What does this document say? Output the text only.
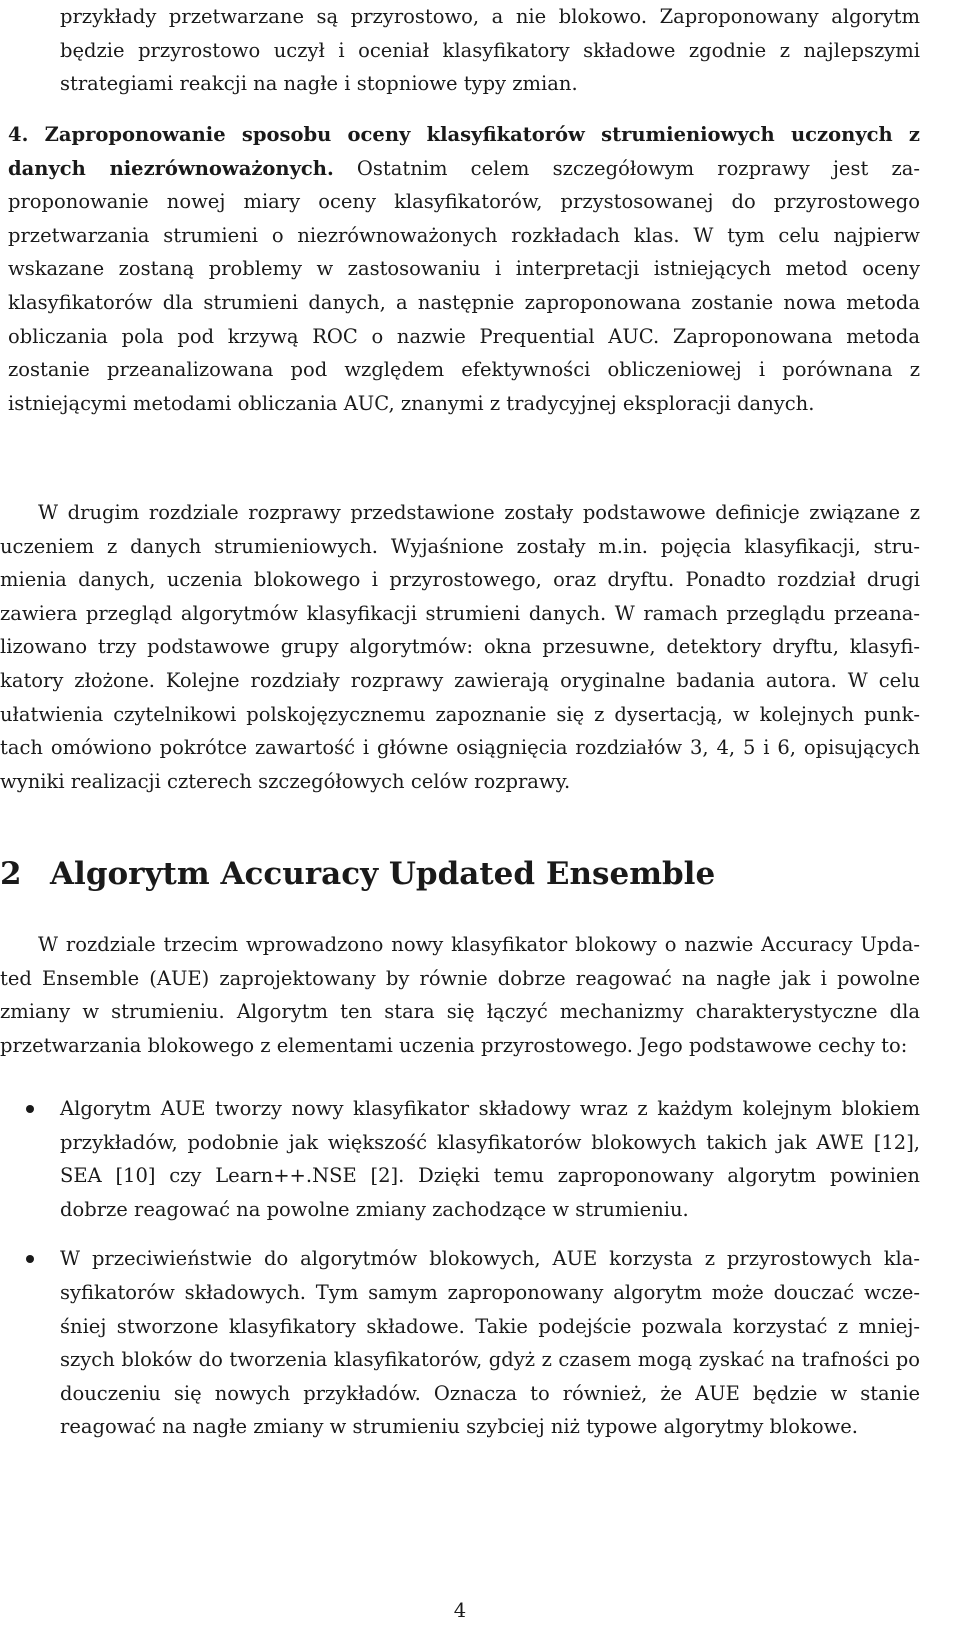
przykłady przetwarzane są przyrostowo, a nie blokowo. Zaproponowany algorytm będzie przyrostowo uczył i oceniał klasyfikatory składowe zgodnie z najlepszymi strategiami reakcji na nagłe i stopniowe typy zmian.
4. Zaproponowanie sposobu oceny klasyfikatorów strumieniowych uczonych z danych niezrównoważonych. Ostatnim celem szczegółowym rozprawy jest zaproponowanie nowej miary oceny klasyfikatorów, przystosowanej do przyrostowego przetwarzania strumieni o niezrównoważonych rozkładach klas. W tym celu najpierw wskazane zostaną problemy w zastosowaniu i interpretacji istniejących metod oceny klasyfikatorów dla strumieni danych, a następnie zaproponowana zostanie nowa metoda obliczania pola pod krzywą ROC o nazwie Prequential AUC. Zaproponowana metoda zostanie przeanalizowana pod względem efektywności obliczeniowej i porównana z istniejącymi metodami obliczania AUC, znanymi z tradycyjnej eksploracji danych.
W drugim rozdziale rozprawy przedstawione zostały podstawowe definicje związane z uczeniem z danych strumieniowych. Wyjaśnione zostały m.in. pojęcia klasyfikacji, strumienia danych, uczenia blokowego i przyrostowego, oraz dryftu. Ponadto rozdział drugi zawiera przegląd algorytmów klasyfikacji strumieni danych. W ramach przeglądu przeanalizowano trzy podstawowe grupy algorytmów: okna przesuwne, detektory dryftu, klasyfikatory złożone. Kolejne rozdziały rozprawy zawierają oryginalne badania autora. W celu ułatwienia czytelnikowi polskojęzycznemu zapoznanie się z dysertacją, w kolejnych punktach omówiono pokrótce zawartość i główne osiągnięcia rozdziałów 3, 4, 5 i 6, opisujących wyniki realizacji czterech szczegółowych celów rozprawy.
2 Algorytm Accuracy Updated Ensemble
W rozdziale trzecim wprowadzono nowy klasyfikator blokowy o nazwie Accuracy Updated Ensemble (AUE) zaprojektowany by równie dobrze reagować na nagłe jak i powolne zmiany w strumieniu. Algorytm ten stara się łączyć mechanizmy charakterystyczne dla przetwarzania blokowego z elementami uczenia przyrostowego. Jego podstawowe cechy to:
Algorytm AUE tworzy nowy klasyfikator składowy wraz z każdym kolejnym blokiem przykładów, podobnie jak większość klasyfikatorów blokowych takich jak AWE [12], SEA [10] czy Learn++.NSE [2]. Dzięki temu zaproponowany algorytm powinien dobrze reagować na powolne zmiany zachodzące w strumieniu.
W przeciwieństwie do algorytmów blokowych, AUE korzysta z przyrostowych klasyfikatorów składowych. Tym samym zaproponowany algorytm może douczać wcześniej stworzone klasyfikatory składowe. Takie podejście pozwala korzystać z mniejszych bloków do tworzenia klasyfikatorów, gdyż z czasem mogą zyskać na trafności po douczeniu się nowych przykładów. Oznacza to również, że AUE będzie w stanie reagować na nagłe zmiany w strumieniu szybciej niż typowe algorytmy blokowe.
4
